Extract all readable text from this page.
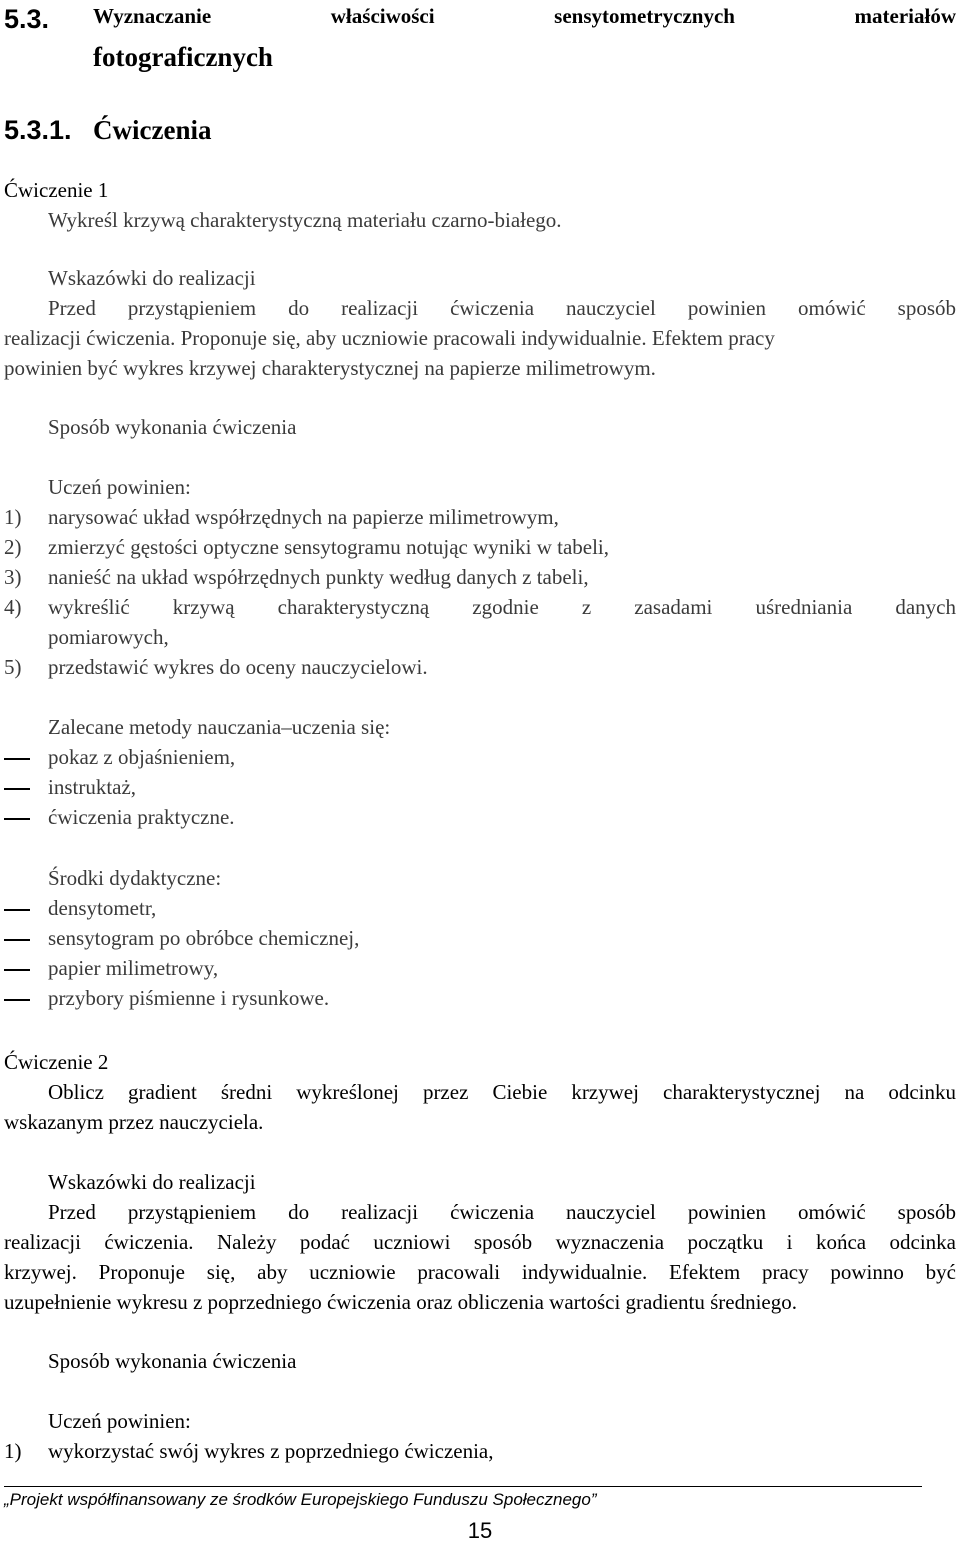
5.3. Wyznaczanie właściwości sensytometrycznych materiałów
fotograficznych
5.3.1. Ćwiczenia
Ćwiczenie 1
Wykreśl krzywą charakterystyczną materiału czarno-białego.
Wskazówki do realizacji
Przed przystąpieniem do realizacji ćwiczenia nauczyciel powinien omówić sposób
realizacji ćwiczenia. Proponuje się, aby uczniowie pracowali indywidualnie. Efektem pracy
powinien być wykres krzywej charakterystycznej na papierze milimetrowym.
Sposób wykonania ćwiczenia
Uczeń powinien:
1) narysować układ współrzędnych na papierze milimetrowym,
2) zmierzyć gęstości optyczne sensytogramu notując wyniki w tabeli,
3) nanieść na układ współrzędnych punkty według danych z tabeli,
4) wykreślić krzywą charakterystyczną zgodnie z zasadami uśredniania danych
pomiarowych,
5) przedstawić wykres do oceny nauczycielowi.
Zalecane metody nauczania–uczenia się:
pokaz z objaśnieniem,
instruktaż,
ćwiczenia praktyczne.
Środki dydaktyczne:
densytometr,
sensytogram po obróbce chemicznej,
papier milimetrowy,
przybory piśmienne i rysunkowe.
Ćwiczenie 2
Oblicz gradient średni wykreślonej przez Ciebie krzywej charakterystycznej na odcinku
wskazanym przez nauczyciela.
Wskazówki do realizacji
Przed przystąpieniem do realizacji ćwiczenia nauczyciel powinien omówić sposób
realizacji ćwiczenia. Należy podać uczniowi sposób wyznaczenia początku i końca odcinka
krzywej. Proponuje się, aby uczniowie pracowali indywidualnie. Efektem pracy powinno być
uzupełnienie wykresu z poprzedniego ćwiczenia oraz obliczenia wartości gradientu średniego.
Sposób wykonania ćwiczenia
Uczeń powinien:
1) wykorzystać swój wykres z poprzedniego ćwiczenia,
„Projekt współfinansowany ze środków Europejskiego Funduszu Społecznego”
15
